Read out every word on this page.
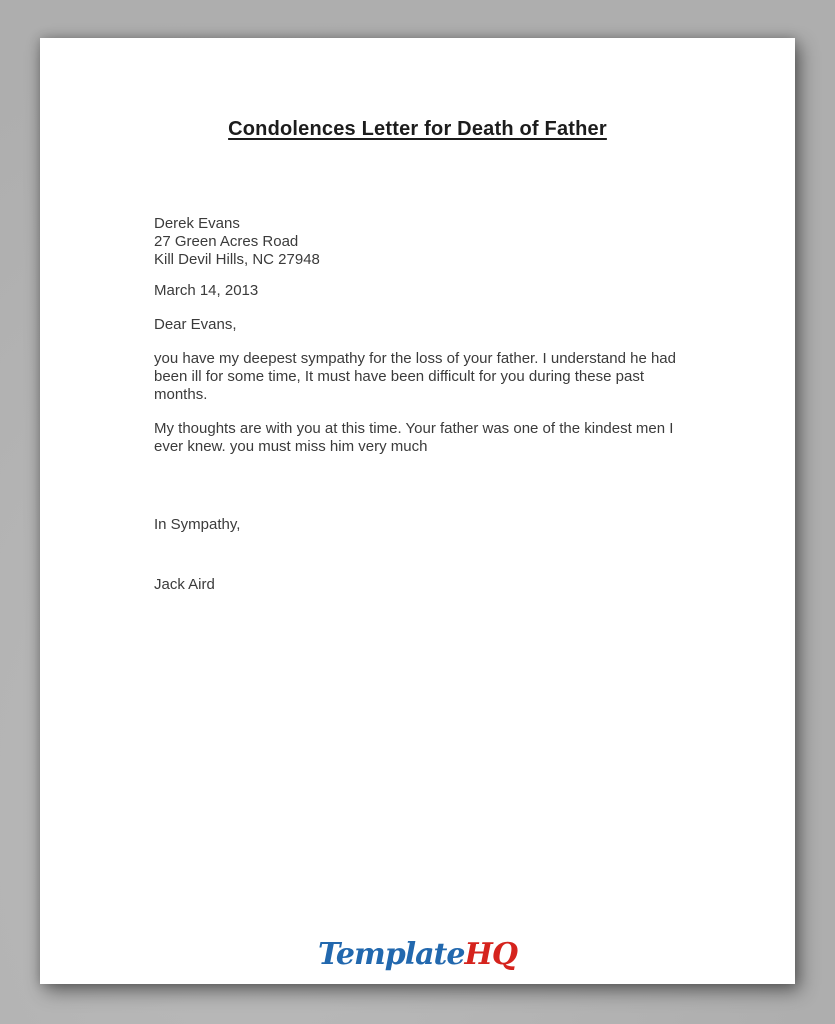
Condolences Letter for Death of Father
Derek Evans
27 Green Acres Road
Kill Devil Hills, NC 27948
March 14, 2013
Dear Evans,

you have my deepest sympathy for the loss of your father. I understand he had been ill for some time, It must have been difficult for you during these past months.

My thoughts are with you at this time. Your father was one of the kindest men I ever knew. you must miss him very much

In Sympathy,
Jack Aird
TemplateHQ
